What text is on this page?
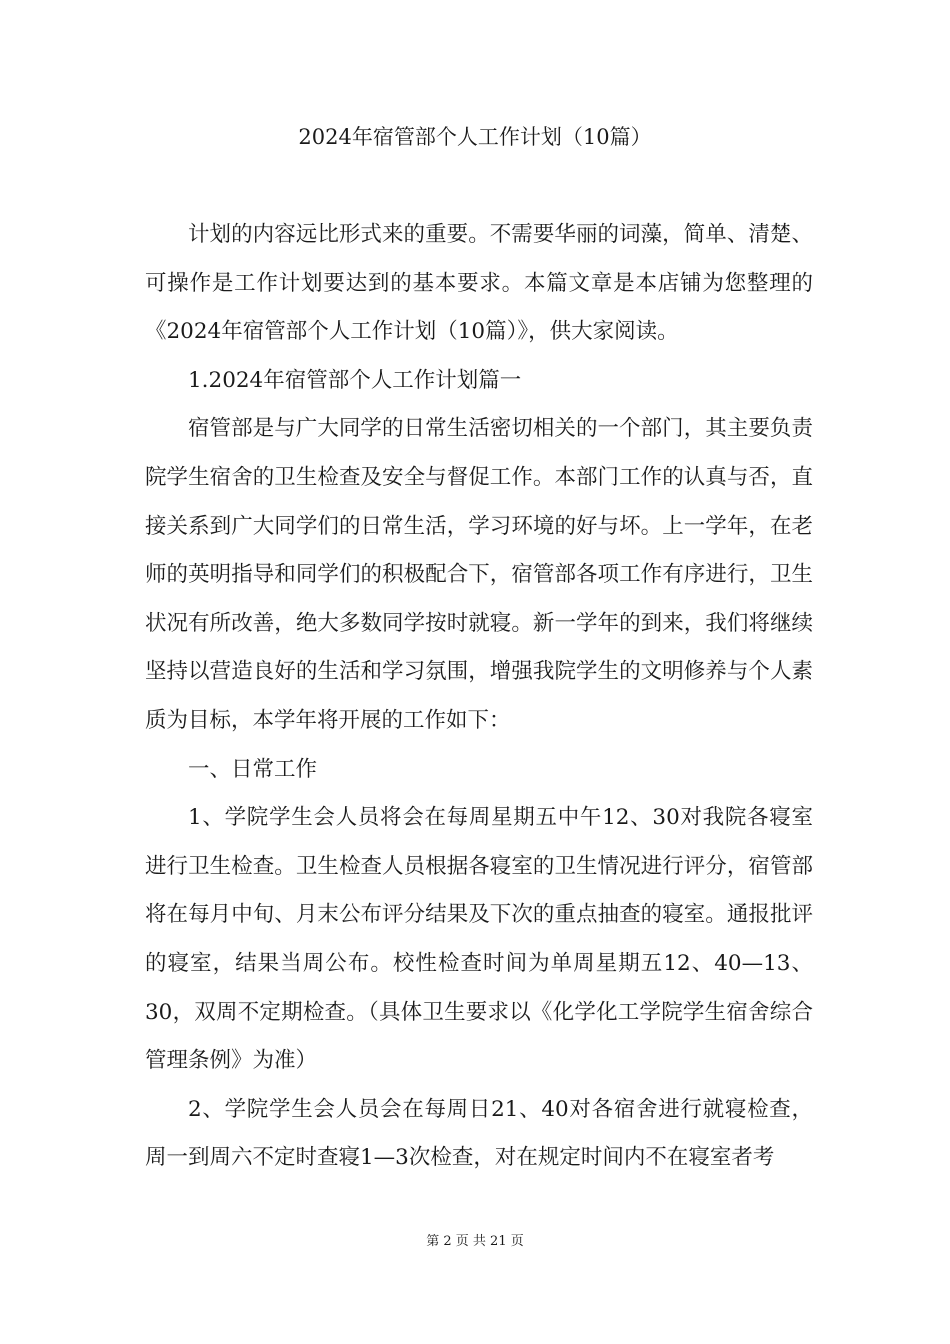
2024年宿管部个人工作计划（10篇）

计划的内容远比形式来的重要。不需要华丽的词藻，简单、清楚、可操作是工作计划要达到的基本要求。本篇文章是本店铺为您整理的《2024年宿管部个人工作计划（10篇）》，供大家阅读。

1.2024年宿管部个人工作计划篇一

宿管部是与广大同学的日常生活密切相关的一个部门，其主要负责院学生宿舍的卫生检查及安全与督促工作。本部门工作的认真与否，直接关系到广大同学们的日常生活，学习环境的好与坏。上一学年，在老师的英明指导和同学们的积极配合下，宿管部各项工作有序进行，卫生状况有所改善，绝大多数同学按时就寝。新一学年的到来，我们将继续坚持以营造良好的生活和学习氛围，增强我院学生的文明修养与个人素质为目标，本学年将开展的工作如下：

一、日常工作

1、学院学生会人员将会在每周星期五中午12、30对我院各寝室进行卫生检查。卫生检查人员根据各寝室的卫生情况进行评分，宿管部将在每月中旬、月末公布评分结果及下次的重点抽查的寝室。通报批评的寝室，结果当周公布。校性检查时间为单周星期五12、40—13、30，双周不定期检查。（具体卫生要求以《化学化工学院学生宿舍综合管理条例》为准）

2、学院学生会人员会在每周日21、40对各宿舍进行就寝检查，周一到周六不定时查寝1—3次检查，对在规定时间内不在寝室者考

第 2 页 共 21 页
